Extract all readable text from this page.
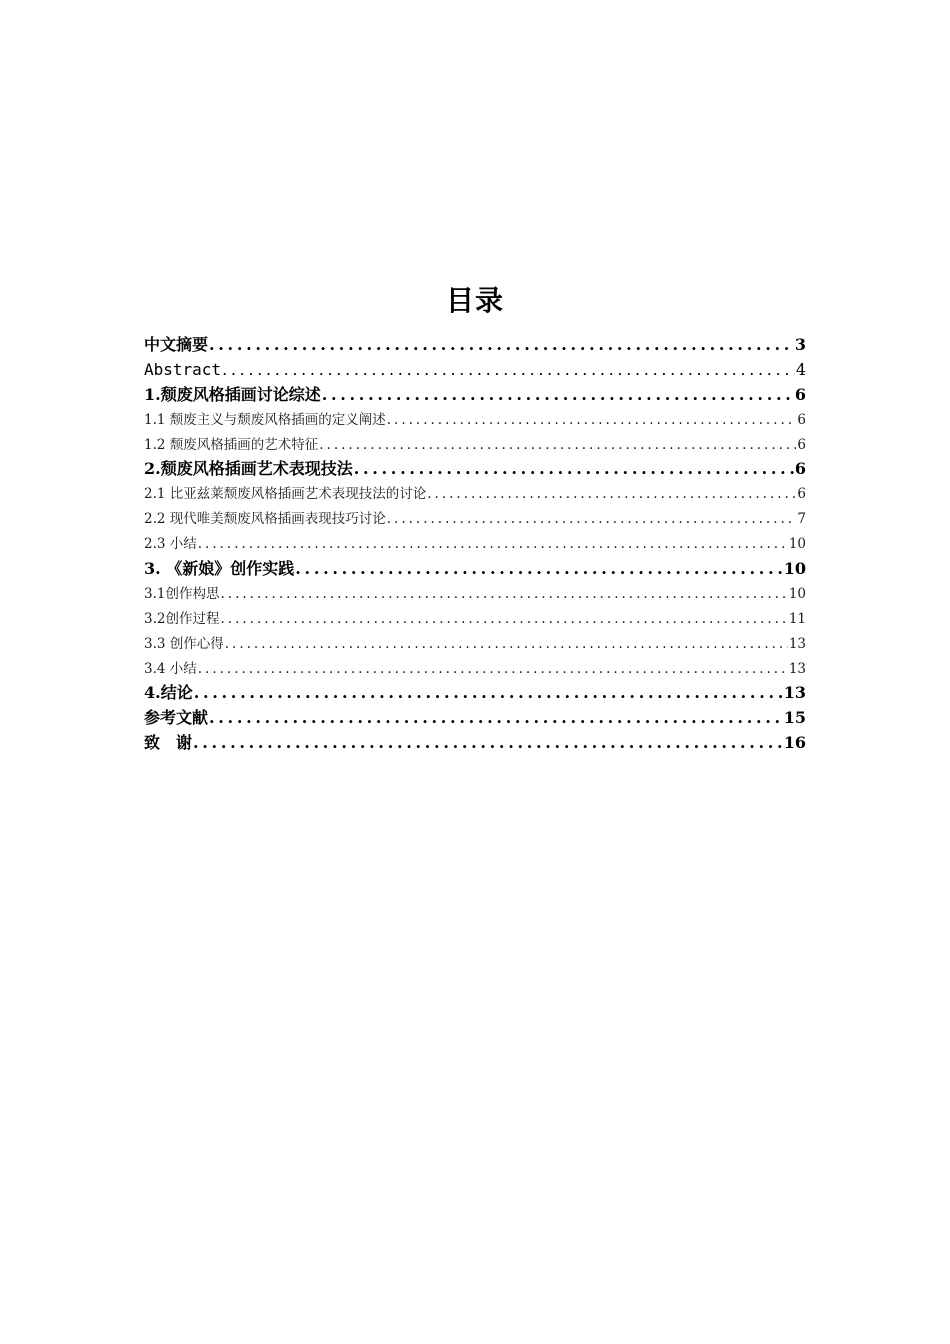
目录
中文摘要 .....	3
Abstract .....	4
1.颓废风格插画讨论综述 .....	6
1.1 颓废主义与颓废风格插画的定义阐述 .....	6
1.2 颓废风格插画的艺术特征 .....	6
2.颓废风格插画艺术表现技法 .....	6
2.1 比亚兹莱颓废风格插画艺术表现技法的讨论 .....	6
2.2 现代唯美颓废风格插画表现技巧讨论 .....	7
2.3 小结 .....	10
3. 《新娘》创作实践 .....	10
3.1创作构思 .....	10
3.2创作过程 .....	11
3.3 创作心得 .....	13
3.4 小结 .....	13
4.结论 .....	13
参考文献 .....	15
致　谢 .....	16
